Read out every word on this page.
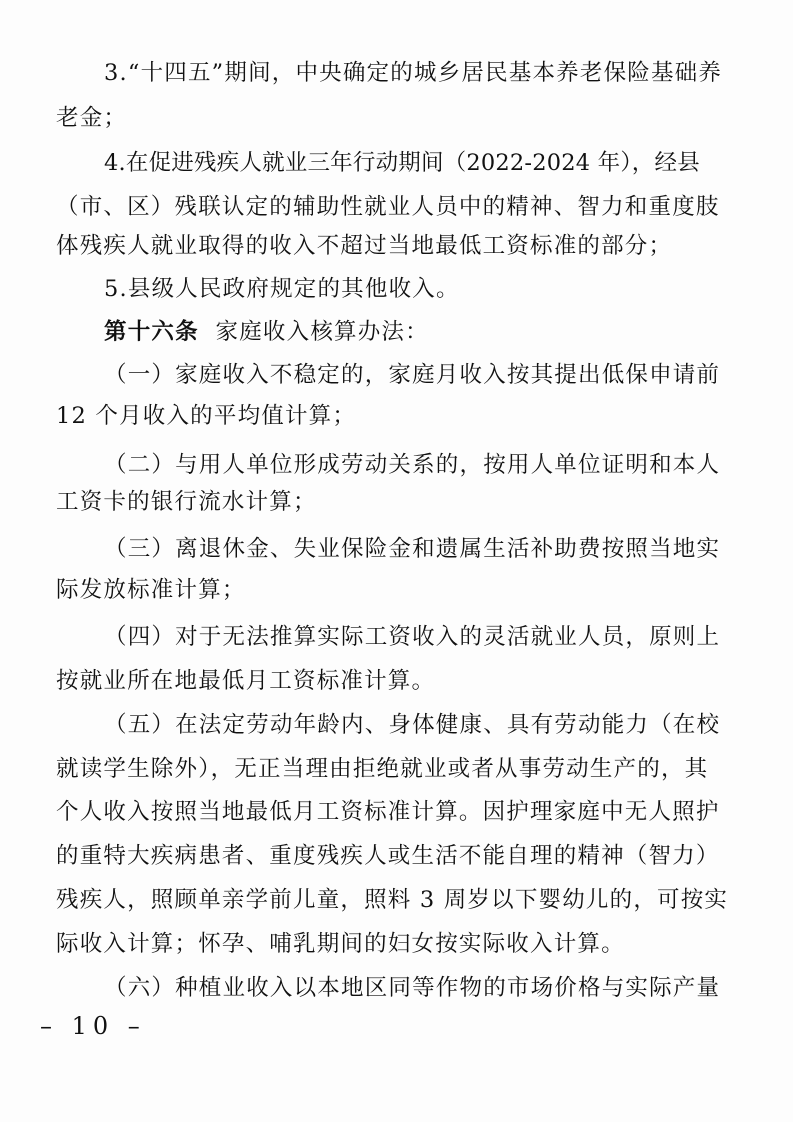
3.“十四五”期间，中央确定的城乡居民基本养老保险基础养
老金；
4.在促进残疾人就业三年行动期间（2022-2024 年），经县
（市、区）残联认定的辅助性就业人员中的精神、智力和重度肢
体残疾人就业取得的收入不超过当地最低工资标准的部分；
5.县级人民政府规定的其他收入。
第十六条 家庭收入核算办法：
（一）家庭收入不稳定的，家庭月收入按其提出低保申请前
12 个月收入的平均值计算；
（二）与用人单位形成劳动关系的，按用人单位证明和本人
工资卡的银行流水计算；
（三）离退休金、失业保险金和遗属生活补助费按照当地实
际发放标准计算；
（四）对于无法推算实际工资收入的灵活就业人员，原则上
按就业所在地最低月工资标准计算。
（五）在法定劳动年龄内、身体健康、具有劳动能力（在校
就读学生除外），无正当理由拒绝就业或者从事劳动生产的，其
个人收入按照当地最低月工资标准计算。因护理家庭中无人照护
的重特大疾病患者、重度残疾人或生活不能自理的精神（智力）
残疾人，照顾单亲学前儿童，照料 3 周岁以下婴幼儿的，可按实
际收入计算；怀孕、哺乳期间的妇女按实际收入计算。
（六）种植业收入以本地区同等作物的市场价格与实际产量
– 10 –
